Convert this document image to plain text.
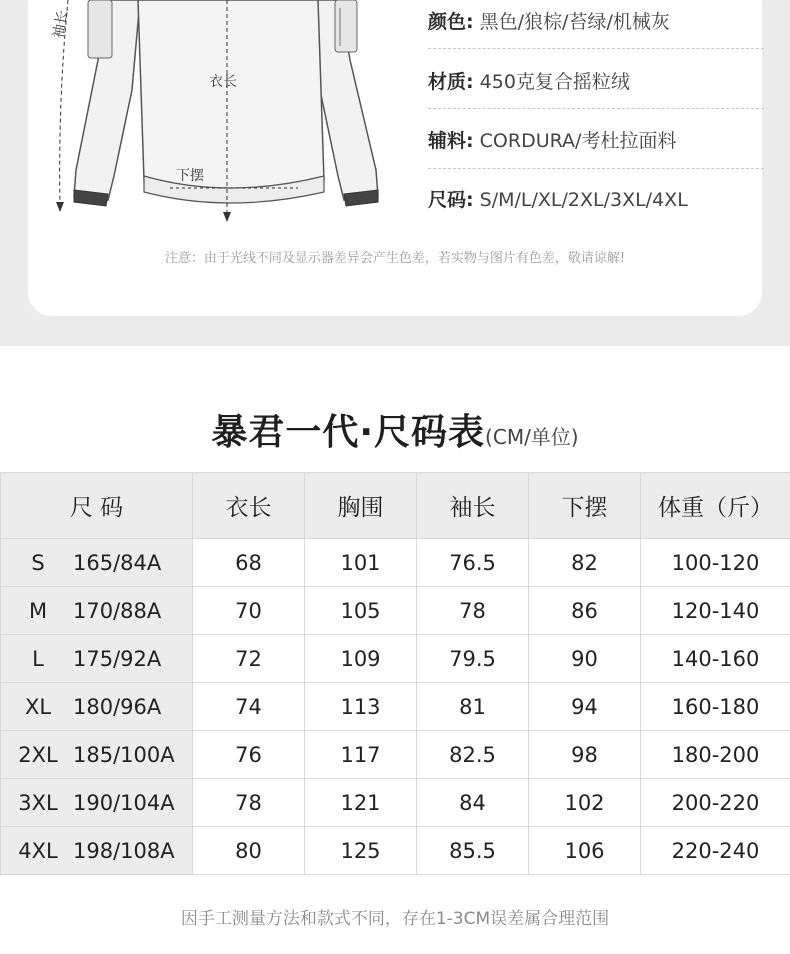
袖长
衣长
下摆
颜色: 黑色/狼棕/苔绿/机械灰
材质: 450克复合摇粒绒
辅料: CORDURA/考杜拉面料
尺码: S/M/L/XL/2XL/3XL/4XL
注意：由于光线不同及显示器差异会产生色差，若实物与图片有色差，敬请谅解!
暴君一代·尺码表(CM/单位)
尺 码	衣长	胸围	袖长	下摆	体重（斤）
S 165/84A	68	101	76.5	82	100-120
M 170/88A	70	105	78	86	120-140
L 175/92A	72	109	79.5	90	140-160
XL 180/96A	74	113	81	94	160-180
2XL 185/100A	76	117	82.5	98	180-200
3XL 190/104A	78	121	84	102	200-220
4XL 198/108A	80	125	85.5	106	220-240
因手工测量方法和款式不同，存在1-3CM误差属合理范围
